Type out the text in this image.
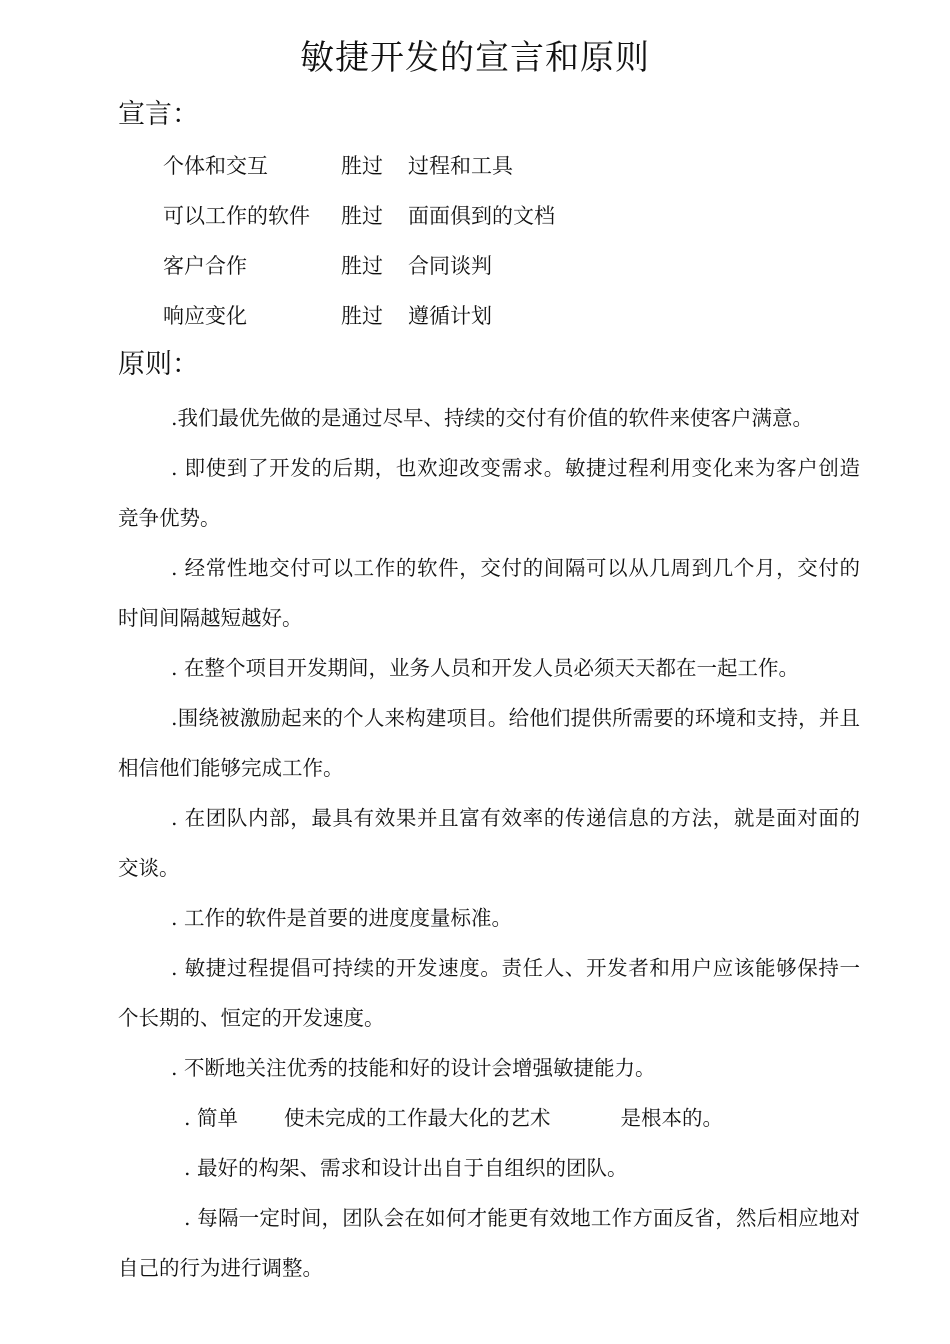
敏捷开发的宣言和原则
宣言：
个体和交互	胜过 过程和工具
可以工作的软件 胜过 面面俱到的文档
客户合作	胜过 合同谈判
响应变化	胜过 遵循计划
原则：

.我们最优先做的是通过尽早、持续的交付有价值的软件来使客户满意。

. 即使到了开发的后期，也欢迎改变需求。敏捷过程利用变化来为客户创造竞争优势。

. 经常性地交付可以工作的软件，交付的间隔可以从几周到几个月，交付的时间间隔越短越好。

. 在整个项目开发期间，业务人员和开发人员必须天天都在一起工作。

.围绕被激励起来的个人来构建项目。给他们提供所需要的环境和支持，并且相信他们能够完成工作。

. 在团队内部，最具有效果并且富有效率的传递信息的方法，就是面对面的交谈。

. 工作的软件是首要的进度度量标准。

. 敏捷过程提倡可持续的开发速度。责任人、开发者和用户应该能够保持一个长期的、恒定的开发速度。

. 不断地关注优秀的技能和好的设计会增强敏捷能力。

. 简单 使未完成的工作最大化的艺术	是根本的。

. 最好的构架、需求和设计出自于自组织的团队。

. 每隔一定时间，团队会在如何才能更有效地工作方面反省，然后相应地对自己的行为进行调整。
